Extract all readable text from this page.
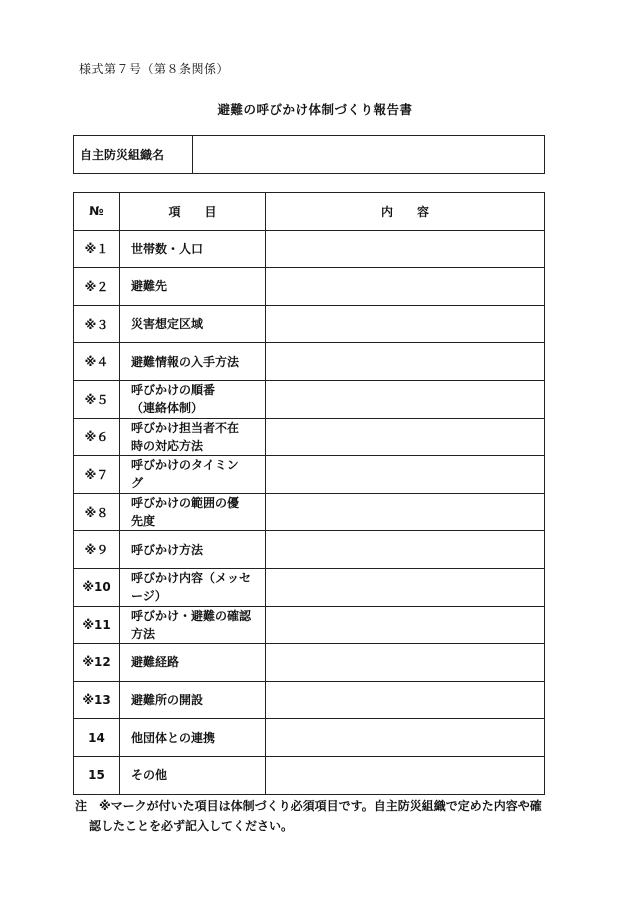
様式第７号（第８条関係）
避難の呼びかけ体制づくり報告書
自主防災組織名	
№	項　　目	内　　容
※１	世帯数・人口	
※２	避難先	
※３	災害想定区域	
※４	避難情報の入手方法	
※５	呼びかけの順番
（連絡体制）	
※６	呼びかけ担当者不在
時の対応方法	
※７	呼びかけのタイミン
グ	
※８	呼びかけの範囲の優
先度	
※９	呼びかけ方法	
※10	呼びかけ内容（メッセ
ージ）	
※11	呼びかけ・避難の確認
方法	
※12	避難経路	
※13	避難所の開設	
14	他団体との連携	
15	その他	
注　※マークが付いた項目は体制づくり必須項目です。自主防災組織で定めた内容や確
認したことを必ず記入してください。
